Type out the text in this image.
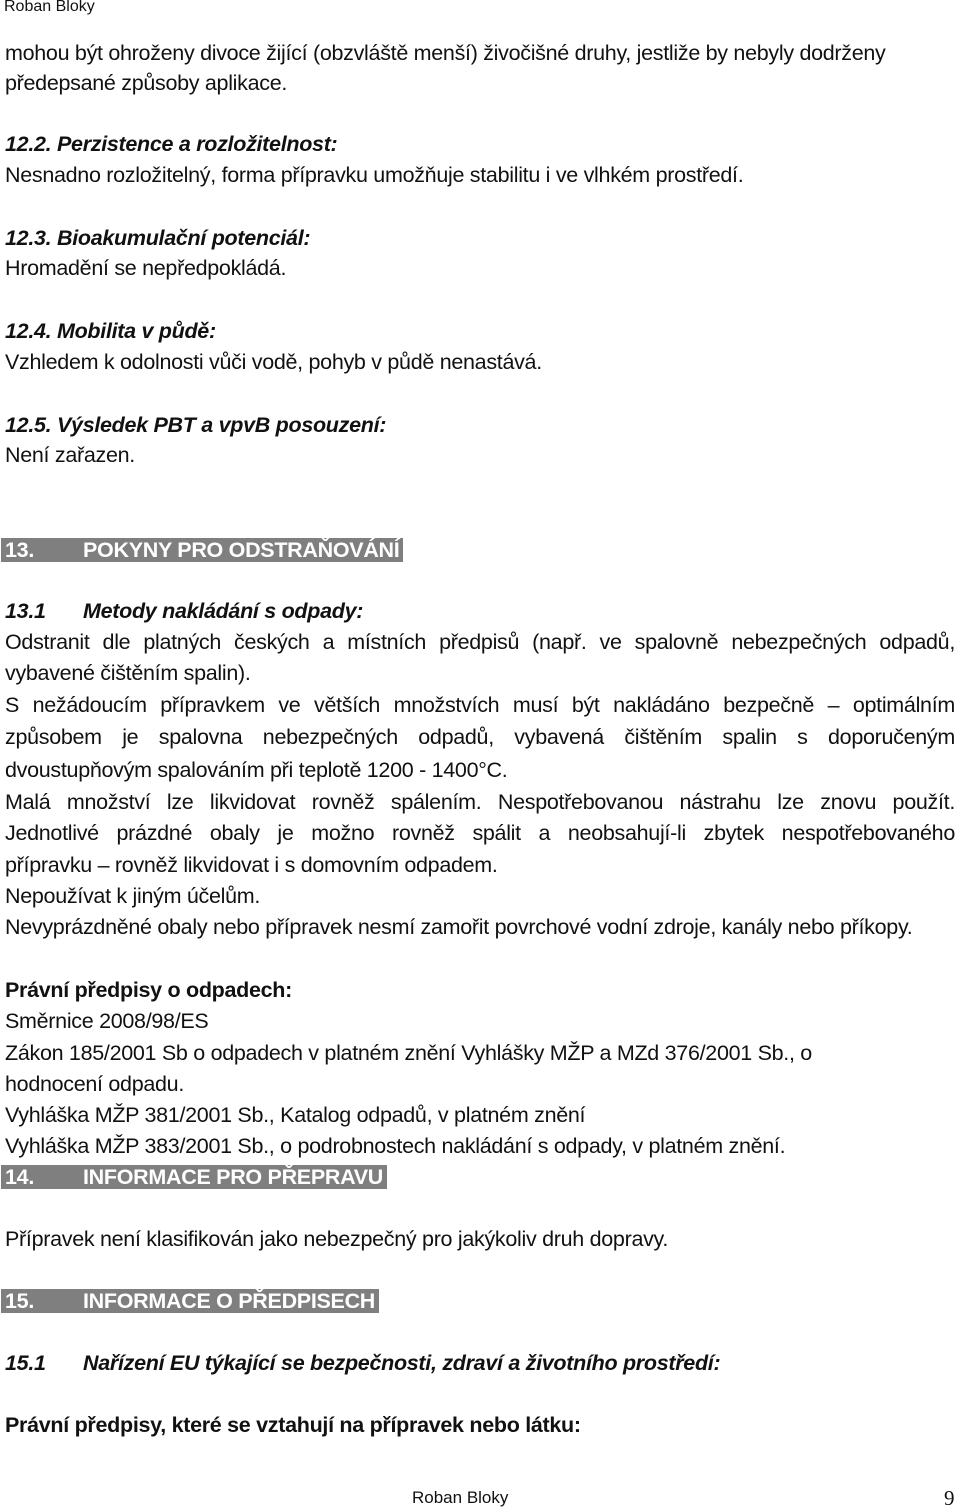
Roban Bloky
mohou být ohroženy divoce žijící (obzvláště menší) živočišné druhy, jestliže by nebyly dodrženy
předepsané způsoby aplikace.
12.2. Perzistence a rozložitelnost:
Nesnadno rozložitelný, forma přípravku umožňuje stabilitu i ve vlhkém prostředí.
12.3. Bioakumulační potenciál:
Hromadění se nepředpokládá.
12.4. Mobilita v půdě:
Vzhledem k odolnosti vůči vodě, pohyb v půdě nenastává.
12.5. Výsledek PBT a vpvB posouzení:
Není zařazen.
13. POKYNY PRO ODSTRAŇOVÁNÍ
13.1 Metody nakládání s odpady:
Odstranit dle platných českých a místních předpisů (např. ve spalovně nebezpečných odpadů,
vybavené čištěním spalin).
S nežádoucím přípravkem ve větších množstvích musí být nakládáno bezpečně – optimálním
způsobem je spalovna nebezpečných odpadů, vybavená čištěním spalin s doporučeným
dvoustupňovým spalováním při teplotě 1200 - 1400°C.
Malá množství lze likvidovat rovněž spálením. Nespotřebovanou nástrahu lze znovu použít.
Jednotlivé prázdné obaly je možno rovněž spálit a neobsahují-li zbytek nespotřebovaného
přípravku – rovněž likvidovat i s domovním odpadem.
Nepoužívat k jiným účelům.
Nevyprázdněné obaly nebo přípravek nesmí zamořit povrchové vodní zdroje, kanály nebo příkopy.
Právní předpisy o odpadech:
Směrnice 2008/98/ES
Zákon 185/2001 Sb o odpadech v platném znění Vyhlášky MŽP a MZd 376/2001 Sb., o
hodnocení odpadu.
Vyhláška MŽP 381/2001 Sb., Katalog odpadů, v platném znění
Vyhláška MŽP 383/2001 Sb., o podrobnostech nakládání s odpady, v platném znění.
14. INFORMACE PRO PŘEPRAVU
Přípravek není klasifikován jako nebezpečný pro jakýkoliv druh dopravy.
15. INFORMACE O PŘEDPISECH
15.1 Nařízení EU týkající se bezpečnosti, zdraví a životního prostředí:
Právní předpisy, které se vztahují na přípravek nebo látku:
Roban Bloky	9
